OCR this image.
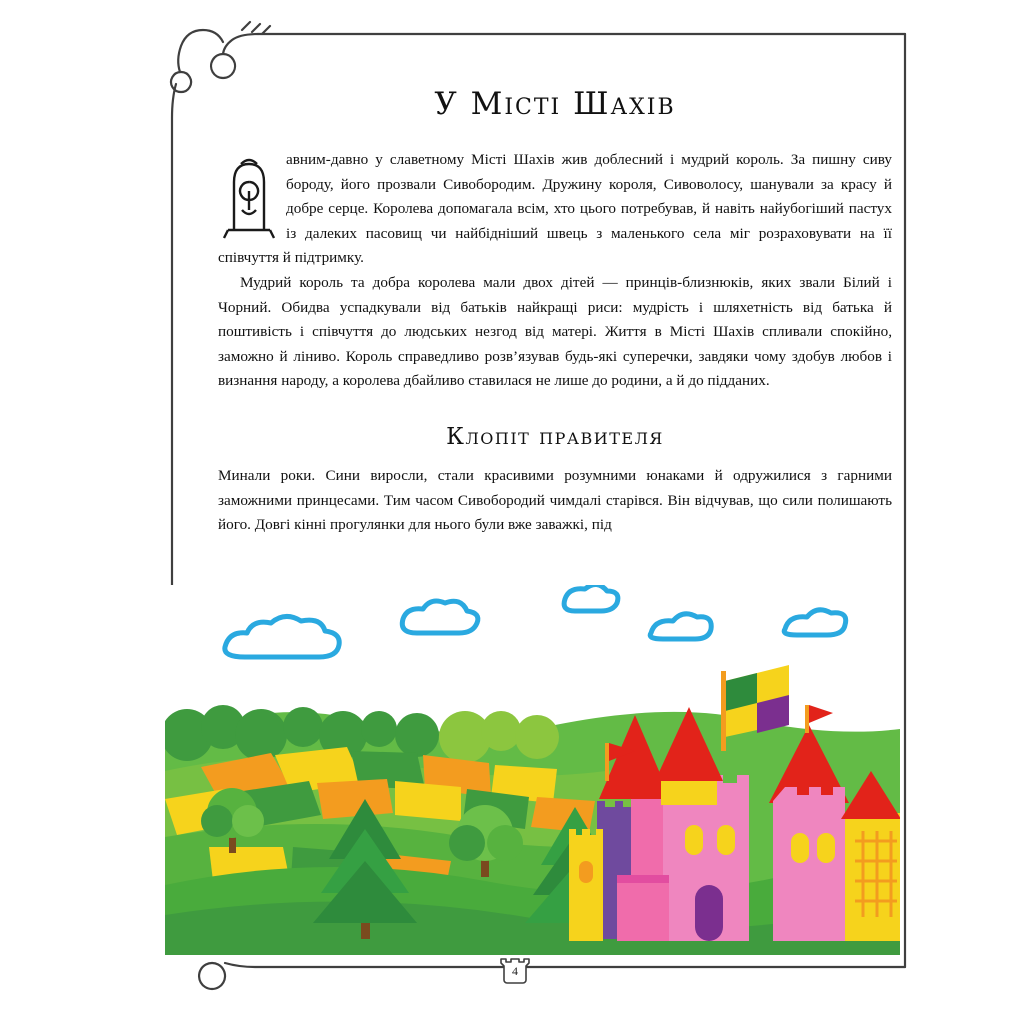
У Місті Шахів

авним-давно у славетному Місті Шахів жив доблесний і мудрий король. За пишну сиву бороду, його прозвали Сивобородим. Дружину короля, Сивоволосу, шанували за красу й добре серце. Королева допомагала всім, хто цього потребував, й навіть найубогіший пастух із далеких пасовищ чи найбідніший швець з маленького села міг розраховувати на її співчуття й підтримку.

Мудрий король та добра королева мали двох дітей — принців-близнюків, яких звали Білий і Чорний. Обидва успадкували від батьків найкращі риси: мудрість і шляхетність від батька й поштивість і співчуття до людських незгод від матері. Життя в Місті Шахів спливали спокійно, заможно й лінивo. Король справедливо розв’язував будь-які суперечки, завдяки чому здобув любов і визнання народу, а королева дбайливо ставилася не лише до родини, а й до підданих.

Клопіт правителя

Минали роки. Сини виросли, стали красивими розумними юнаками й одружилися з гарними заможними принцесами. Тим часом Сивобородий чимдалі старівся. Він відчував, що сили полишають його. Довгі кінні прогулянки для нього були вже заважкі, під

4
